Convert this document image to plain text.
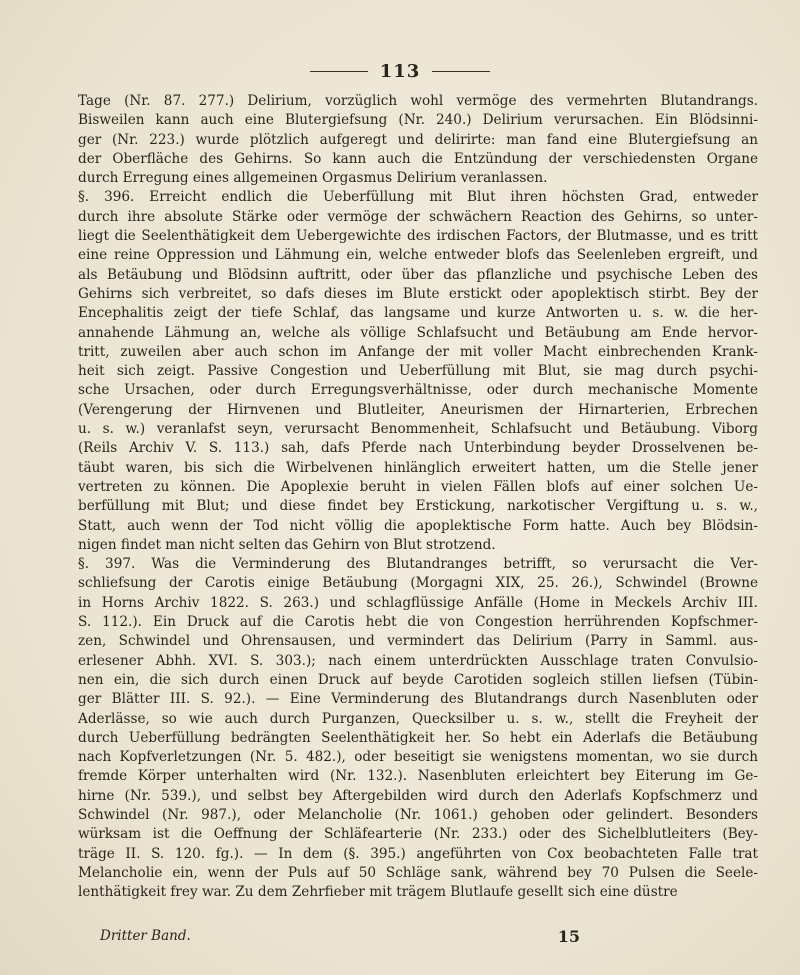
113
Tage (Nr. 87. 277.) Delirium, vorzüglich wohl vermöge des vermehrten Blutandrangs.
Bisweilen kann auch eine Blutergiefsung (Nr. 240.) Delirium verursachen. Ein Blödsinni-
ger (Nr. 223.) wurde plötzlich aufgeregt und delirirte: man fand eine Blutergiefsung an
der Oberfläche des Gehirns. So kann auch die Entzündung der verschiedensten Organe
durch Erregung eines allgemeinen Orgasmus Delirium veranlassen.
§. 396. Erreicht endlich die Ueberfüllung mit Blut ihren höchsten Grad, entweder
durch ihre absolute Stärke oder vermöge der schwächern Reaction des Gehirns, so unter-
liegt die Seelenthätigkeit dem Uebergewichte des irdischen Factors, der Blutmasse, und es tritt
eine reine Oppression und Lähmung ein, welche entweder blofs das Seelenleben ergreift, und
als Betäubung und Blödsinn auftritt, oder über das pflanzliche und psychische Leben des
Gehirns sich verbreitet, so dafs dieses im Blute erstickt oder apoplektisch stirbt. Bey der
Encephalitis zeigt der tiefe Schlaf, das langsame und kurze Antworten u. s. w. die her-
annahende Lähmung an, welche als völlige Schlafsucht und Betäubung am Ende hervor-
tritt, zuweilen aber auch schon im Anfange der mit voller Macht einbrechenden Krank-
heit sich zeigt. Passive Congestion und Ueberfüllung mit Blut, sie mag durch psychi-
sche Ursachen, oder durch Erregungsverhältnisse, oder durch mechanische Momente
(Verengerung der Hirnvenen und Blutleiter, Aneurismen der Hirnarterien, Erbrechen
u. s. w.) veranlafst seyn, verursacht Benommenheit, Schlafsucht und Betäubung. Viborg
(Reils Archiv V. S. 113.) sah, dafs Pferde nach Unterbindung beyder Drosselvenen be-
täubt waren, bis sich die Wirbelvenen hinlänglich erweitert hatten, um die Stelle jener
vertreten zu können. Die Apoplexie beruht in vielen Fällen blofs auf einer solchen Ue-
berfüllung mit Blut; und diese findet bey Erstickung, narkotischer Vergiftung u. s. w.,
Statt, auch wenn der Tod nicht völlig die apoplektische Form hatte. Auch bey Blödsin-
nigen findet man nicht selten das Gehirn von Blut strotzend.
§. 397. Was die Verminderung des Blutandranges betrifft, so verursacht die Ver-
schliefsung der Carotis einige Betäubung (Morgagni XIX, 25. 26.), Schwindel (Browne
in Horns Archiv 1822. S. 263.) und schlagflüssige Anfälle (Home in Meckels Archiv III.
S. 112.). Ein Druck auf die Carotis hebt die von Congestion herrührenden Kopfschmer-
zen, Schwindel und Ohrensausen, und vermindert das Delirium (Parry in Samml. aus-
erlesener Abhh. XVI. S. 303.); nach einem unterdrückten Ausschlage traten Convulsio-
nen ein, die sich durch einen Druck auf beyde Carotiden sogleich stillen liefsen (Tübin-
ger Blätter III. S. 92.). — Eine Verminderung des Blutandrangs durch Nasenbluten oder
Aderlässe, so wie auch durch Purganzen, Quecksilber u. s. w., stellt die Freyheit der
durch Ueberfüllung bedrängten Seelenthätigkeit her. So hebt ein Aderlafs die Betäubung
nach Kopfverletzungen (Nr. 5. 482.), oder beseitigt sie wenigstens momentan, wo sie durch
fremde Körper unterhalten wird (Nr. 132.). Nasenbluten erleichtert bey Eiterung im Ge-
hirne (Nr. 539.), und selbst bey Aftergebilden wird durch den Aderlafs Kopfschmerz und
Schwindel (Nr. 987.), oder Melancholie (Nr. 1061.) gehoben oder gelindert. Besonders
würksam ist die Oeffnung der Schläfearterie (Nr. 233.) oder des Sichelblutleiters (Bey-
träge II. S. 120. fg.). — In dem (§. 395.) angeführten von Cox beobachteten Falle trat
Melancholie ein, wenn der Puls auf 50 Schläge sank, während bey 70 Pulsen die Seele-
lenthätigkeit frey war. Zu dem Zehrfieber mit trägem Blutlaufe gesellt sich eine düstre
Dritter Band.	15
